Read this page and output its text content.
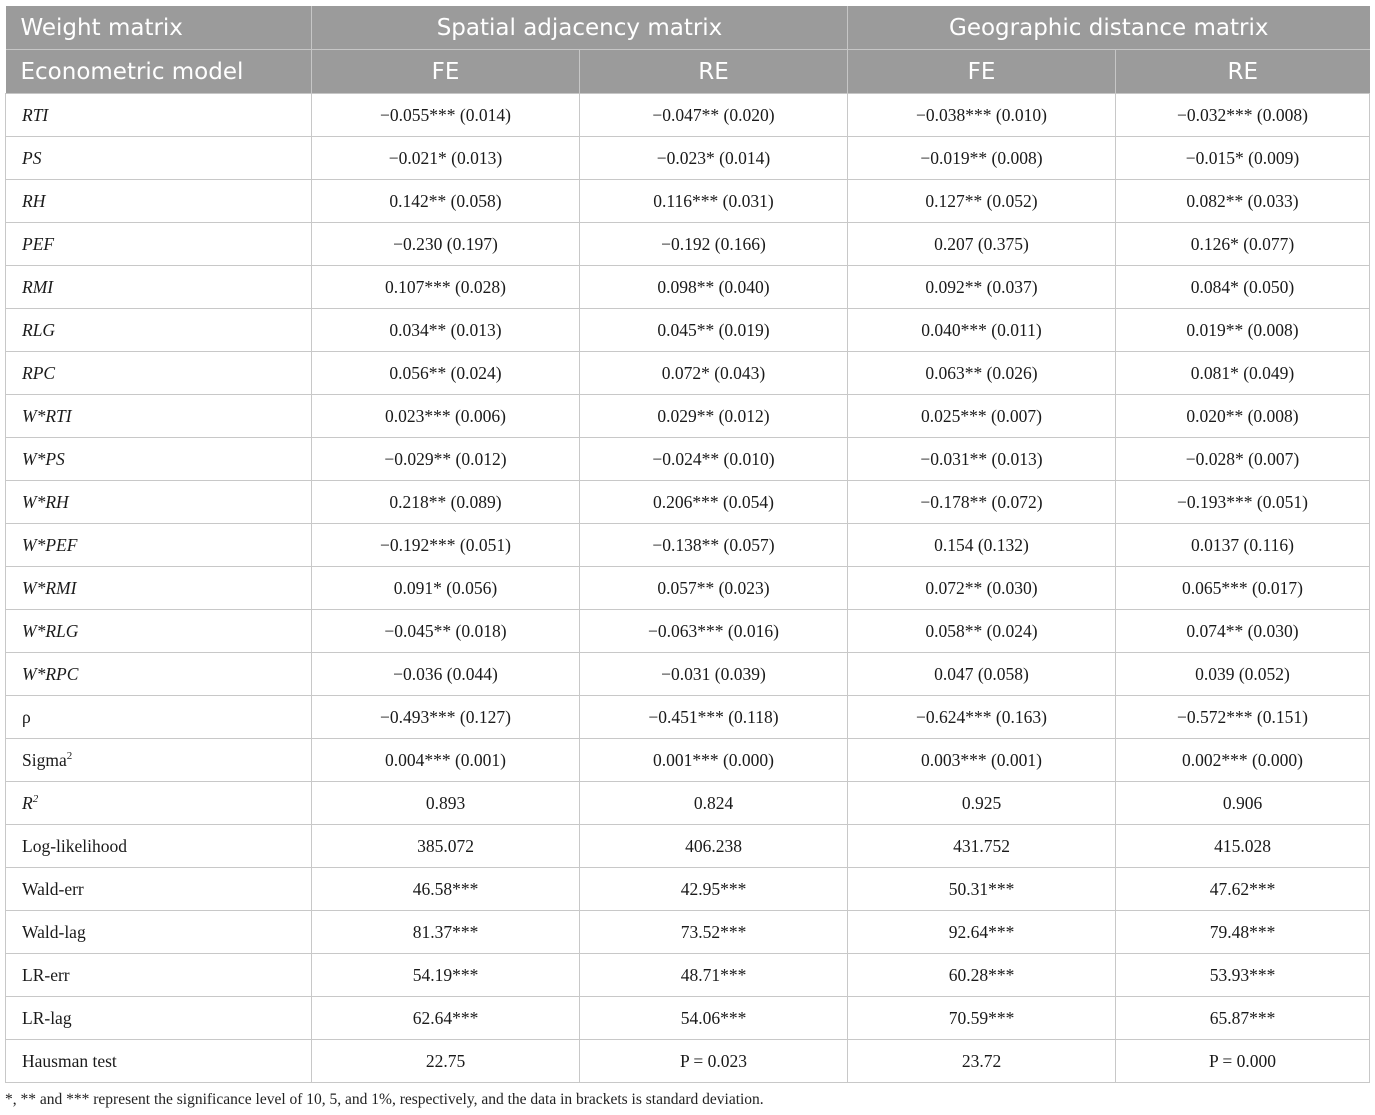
Weight matrix	Spatial adjacency matrix		Geographic distance matrix	
Econometric model	FE	RE	FE	RE
RTI	−0.055*** (0.014)	−0.047** (0.020)	−0.038*** (0.010)	−0.032*** (0.008)
PS	−0.021* (0.013)	−0.023* (0.014)	−0.019** (0.008)	−0.015* (0.009)
RH	0.142** (0.058)	0.116*** (0.031)	0.127** (0.052)	0.082** (0.033)
PEF	−0.230 (0.197)	−0.192 (0.166)	0.207 (0.375)	0.126* (0.077)
RMI	0.107*** (0.028)	0.098** (0.040)	0.092** (0.037)	0.084* (0.050)
RLG	0.034** (0.013)	0.045** (0.019)	0.040*** (0.011)	0.019** (0.008)
RPC	0.056** (0.024)	0.072* (0.043)	0.063** (0.026)	0.081* (0.049)
W*RTI	0.023*** (0.006)	0.029** (0.012)	0.025*** (0.007)	0.020** (0.008)
W*PS	−0.029** (0.012)	−0.024** (0.010)	−0.031** (0.013)	−0.028* (0.007)
W*RH	0.218** (0.089)	0.206*** (0.054)	−0.178** (0.072)	−0.193*** (0.051)
W*PEF	−0.192*** (0.051)	−0.138** (0.057)	0.154 (0.132)	0.0137 (0.116)
W*RMI	0.091* (0.056)	0.057** (0.023)	0.072** (0.030)	0.065*** (0.017)
W*RLG	−0.045** (0.018)	−0.063*** (0.016)	0.058** (0.024)	0.074** (0.030)
W*RPC	−0.036 (0.044)	−0.031 (0.039)	0.047 (0.058)	0.039 (0.052)
ρ	−0.493*** (0.127)	−0.451*** (0.118)	−0.624*** (0.163)	−0.572*** (0.151)
Sigma$^2$	0.004*** (0.001)	0.001*** (0.000)	0.003*** (0.001)	0.002*** (0.000)
$R^2$	0.893	0.824	0.925	0.906
Log-likelihood	385.072	406.238	431.752	415.028
Wald-err	46.58***	42.95***	50.31***	47.62***
Wald-lag	81.37***	73.52***	92.64***	79.48***
LR-err	54.19***	48.71***	60.28***	53.93***
LR-lag	62.64***	54.06***	70.59***	65.87***
Hausman test	22.75	P = 0.023	23.72	P = 0.000
*, ** and *** represent the significance level of 10, 5, and 1%, respectively, and the data in brackets is standard deviation.
